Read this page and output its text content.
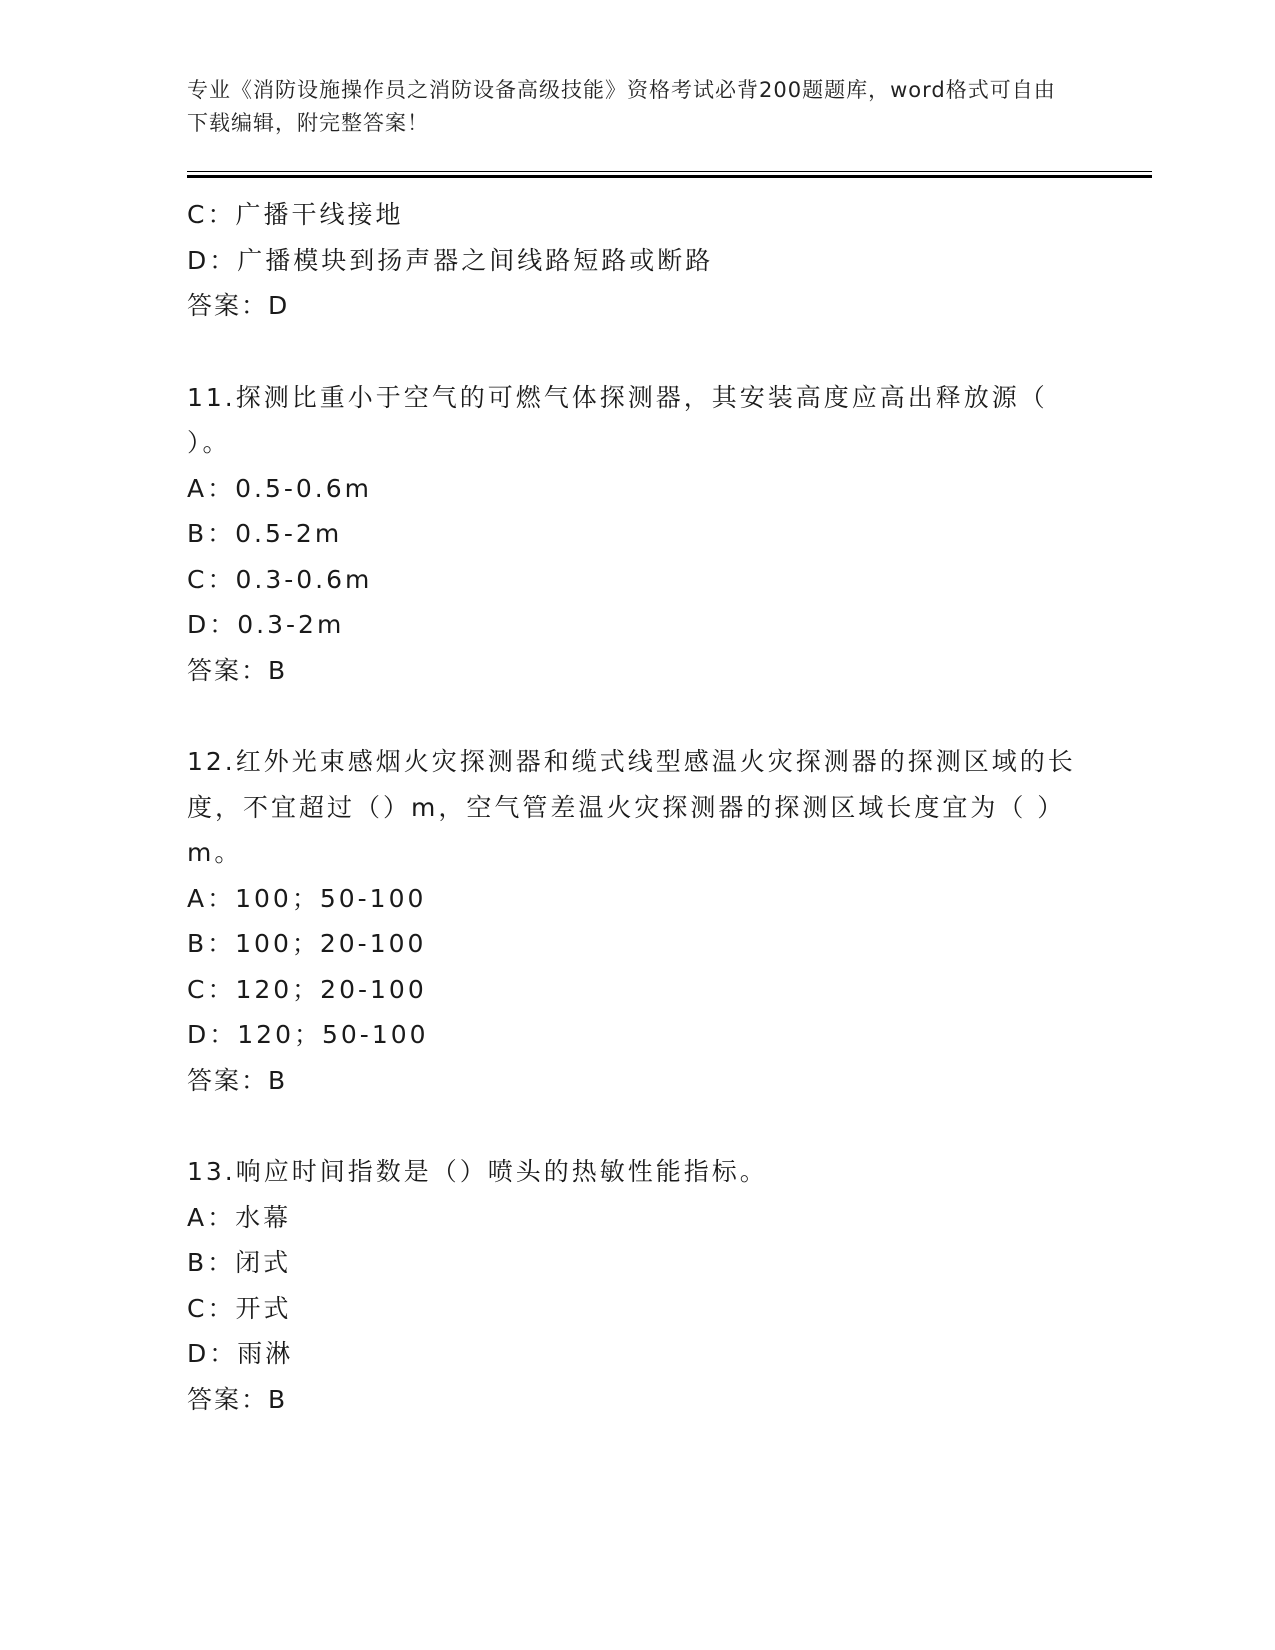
专业《消防设施操作员之消防设备高级技能》资格考试必背200题题库，word格式可自由下载编辑，附完整答案！
C：广播干线接地
D：广播模块到扬声器之间线路短路或断路
答案：D
11.探测比重小于空气的可燃气体探测器，其安装高度应高出释放源（ ）。
A：0.5-0.6m
B：0.5-2m
C：0.3-0.6m
D：0.3-2m
答案：B
12.红外光束感烟火灾探测器和缆式线型感温火灾探测器的探测区域的长度，不宜超过（）m，空气管差温火灾探测器的探测区域长度宜为（ ）m。
A：100；50-100
B：100；20-100
C：120；20-100
D：120；50-100
答案：B
13.响应时间指数是（）喷头的热敏性能指标。
A：水幕
B：闭式
C：开式
D：雨淋
答案：B
